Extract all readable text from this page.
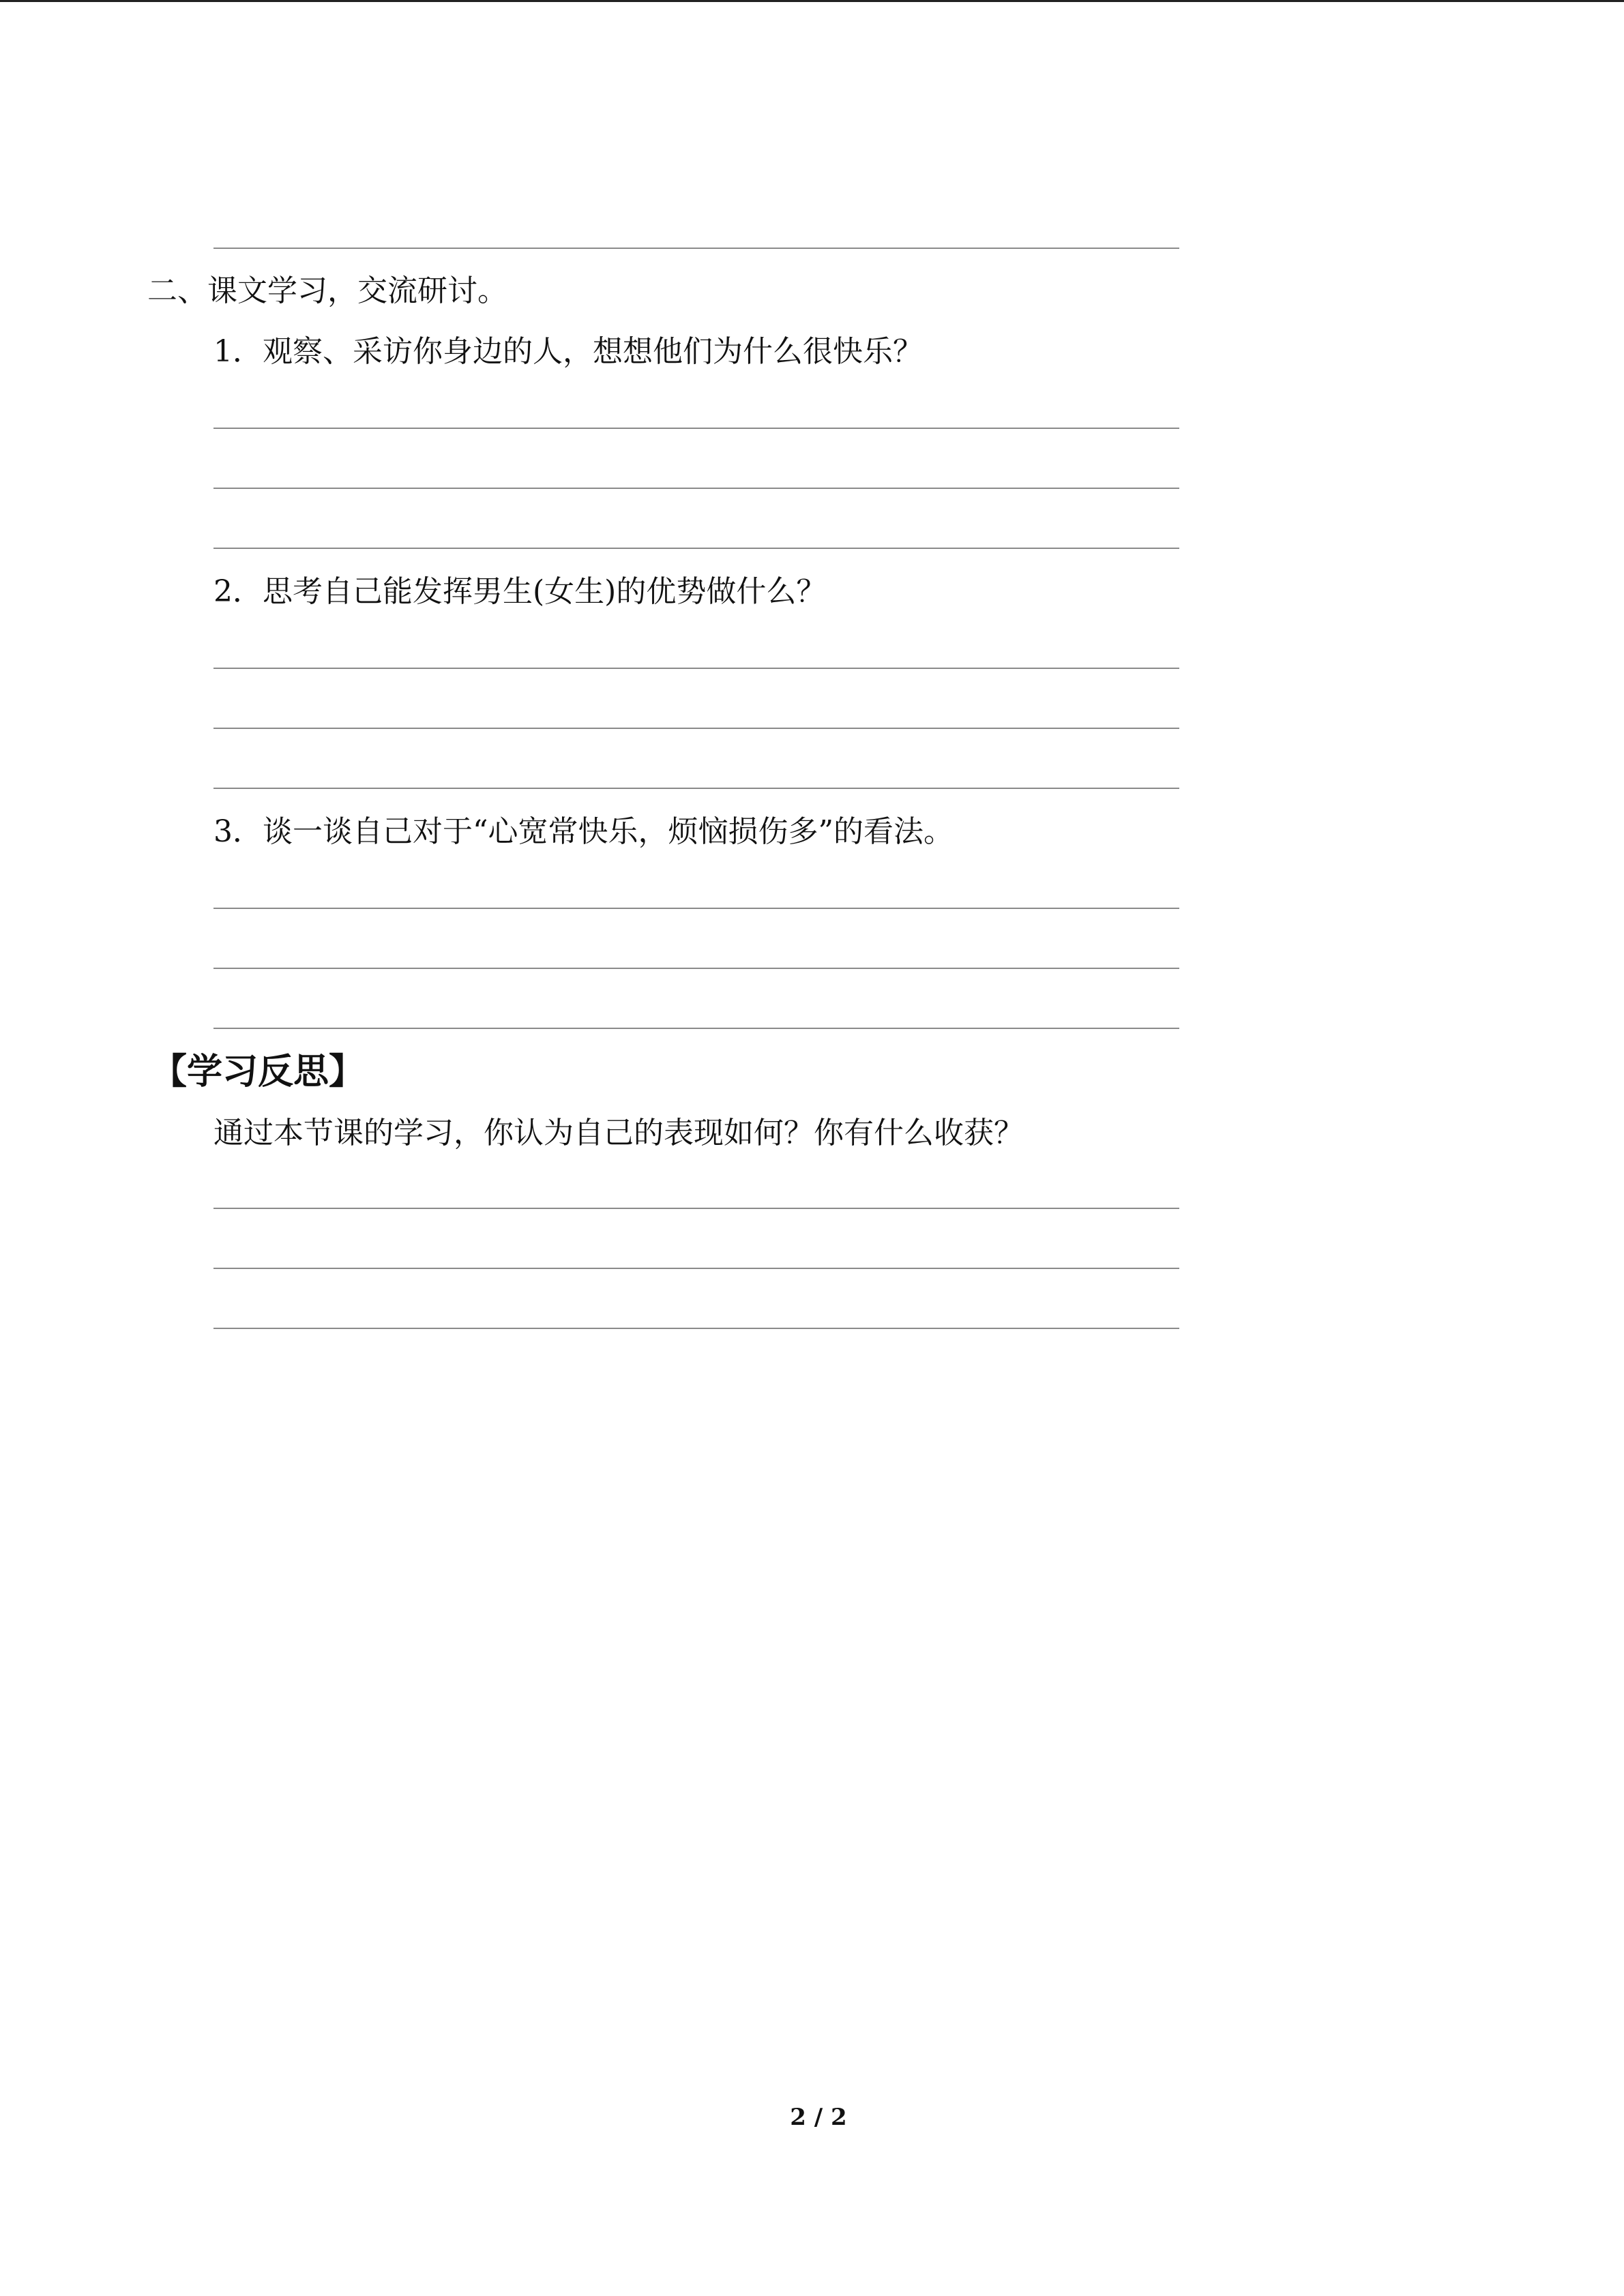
二、课文学习，交流研讨。
1．观察、采访你身边的人，想想他们为什么很快乐？
2．思考自己能发挥男生(女生)的优势做什么？
3．谈一谈自己对于“心宽常快乐，烦恼损伤多”的看法。
【学习反思】
通过本节课的学习，你认为自己的表现如何？你有什么收获？
2 / 2
